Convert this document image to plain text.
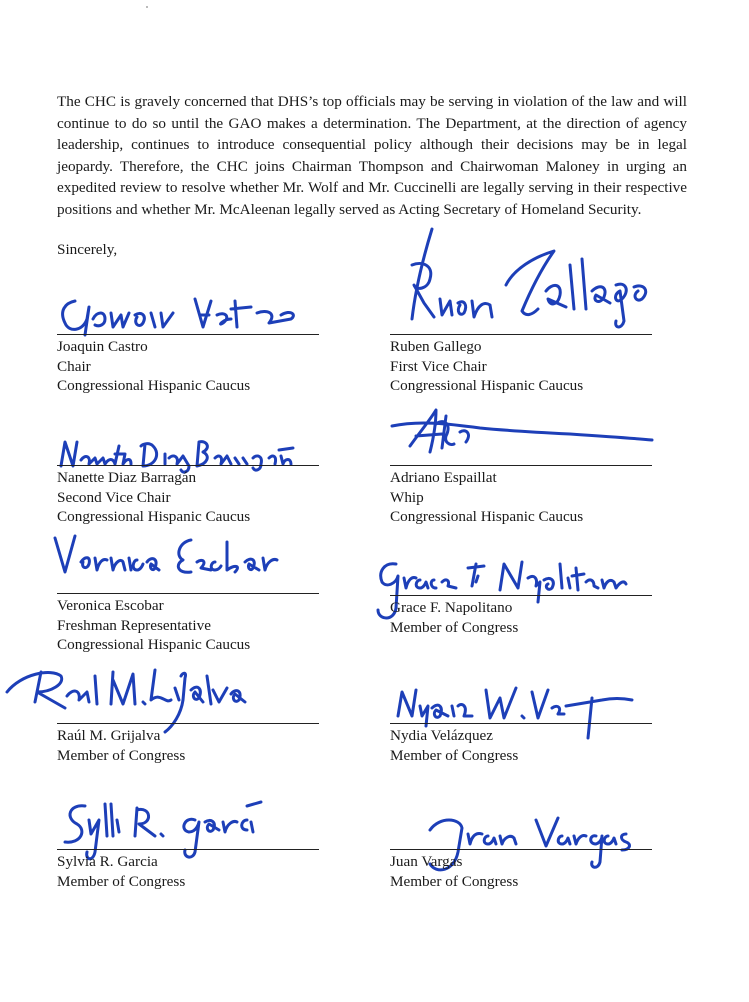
The CHC is gravely concerned that DHS’s top officials may be serving in violation of the law and will continue to do so until the GAO makes a determination. The Department, at the direction of agency leadership, continues to introduce consequential policy although their decisions may be in legal jeopardy. Therefore, the CHC joins Chairman Thompson and Chairwoman Maloney in urging an expedited review to resolve whether Mr. Wolf and Mr. Cuccinelli are legally serving in their respective positions and whether Mr. McAleenan legally served as Acting Secretary of Homeland Security.

Sincerely,
Joaquin Castro
Chair
Congressional Hispanic Caucus
Ruben Gallego
First Vice Chair
Congressional Hispanic Caucus
Nanette Diaz Barragán
Second Vice Chair
Congressional Hispanic Caucus
Adriano Espaillat
Whip
Congressional Hispanic Caucus
Veronica Escobar
Freshman Representative
Congressional Hispanic Caucus
Grace F. Napolitano
Member of Congress
Raúl M. Grijalva
Member of Congress
Nydia Velázquez
Member of Congress
Sylvia R. Garcia
Member of Congress
Juan Vargas
Member of Congress
